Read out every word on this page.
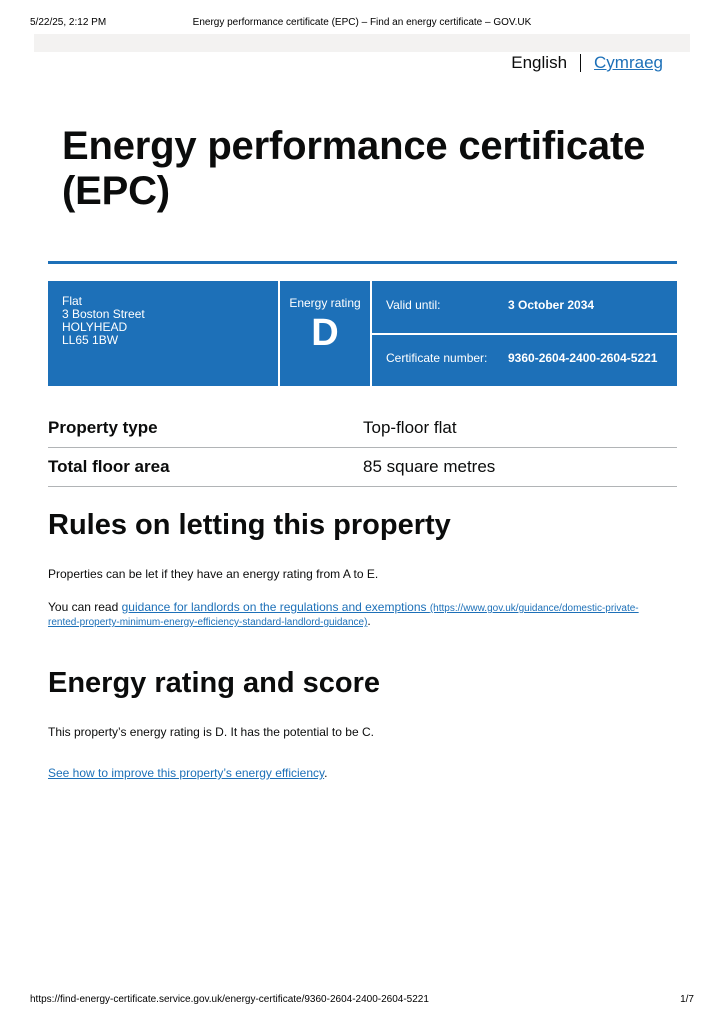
5/22/25, 2:12 PM	Energy performance certificate (EPC) – Find an energy certificate – GOV.UK
English Cymraeg
Energy performance certificate (EPC)
Flat
3 Boston Street
HOLYHEAD
LL65 1BW
Energy rating
D
Valid until:	3 October 2034
Certificate number:	9360-2604-2400-2604-5221
Property type	Top-floor flat
Total floor area	85 square metres
Rules on letting this property

Properties can be let if they have an energy rating from A to E.

You can read guidance for landlords on the regulations and exemptions (https://www.gov.uk/guidance/domestic-private-rented-property-minimum-energy-efficiency-standard-landlord-guidance).

Energy rating and score

This property’s energy rating is D. It has the potential to be C.

See how to improve this property’s energy efficiency.

https://find-energy-certificate.service.gov.uk/energy-certificate/9360-2604-2400-2604-5221	1/7
